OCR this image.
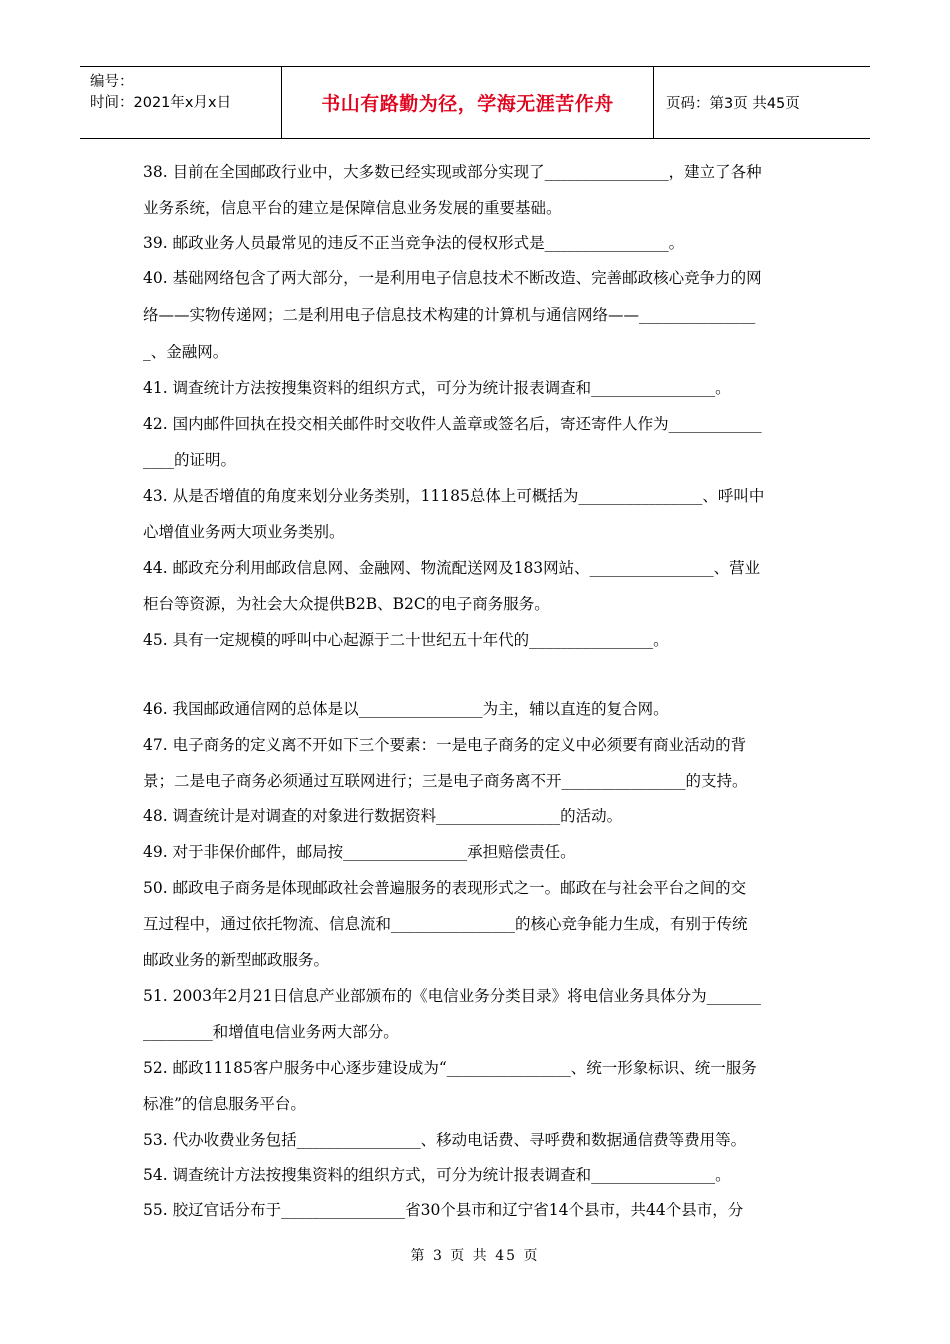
编号：
时间：2021年x月x日	书山有路勤为径，学海无涯苦作舟	页码：第3页 共45页
38. 目前在全国邮政行业中，大多数已经实现或部分实现了________________，建立了各种
业务系统，信息平台的建立是保障信息业务发展的重要基础。
39. 邮政业务人员最常见的违反不正当竞争法的侵权形式是________________。
40. 基础网络包含了两大部分，一是利用电子信息技术不断改造、完善邮政核心竞争力的网
络——实物传递网；二是利用电子信息技术构建的计算机与通信网络——_______________
_、金融网。
41. 调查统计方法按搜集资料的组织方式，可分为统计报表调查和________________。
42. 国内邮件回执在投交相关邮件时交收件人盖章或签名后，寄还寄件人作为____________
____的证明。
43. 从是否增值的角度来划分业务类别，11185总体上可概括为________________、呼叫中
心增值业务两大项业务类别。
44. 邮政充分利用邮政信息网、金融网、物流配送网及183网站、________________、营业
柜台等资源，为社会大众提供B2B、B2C的电子商务服务。
45. 具有一定规模的呼叫中心起源于二十世纪五十年代的________________。
46. 我国邮政通信网的总体是以________________为主，辅以直连的复合网。
47. 电子商务的定义离不开如下三个要素：一是电子商务的定义中必须要有商业活动的背
景；二是电子商务必须通过互联网进行；三是电子商务离不开________________的支持。
48. 调查统计是对调查的对象进行数据资料________________的活动。
49. 对于非保价邮件，邮局按________________承担赔偿责任。
50. 邮政电子商务是体现邮政社会普遍服务的表现形式之一。邮政在与社会平台之间的交
互过程中，通过依托物流、信息流和________________的核心竞争能力生成，有别于传统
邮政业务的新型邮政服务。
51. 2003年2月21日信息产业部颁布的《电信业务分类目录》将电信业务具体分为_______
_________和增值电信业务两大部分。
52. 邮政11185客户服务中心逐步建设成为“________________、统一形象标识、统一服务
标准”的信息服务平台。
53. 代办收费业务包括________________、移动电话费、寻呼费和数据通信费等费用等。
54. 调查统计方法按搜集资料的组织方式，可分为统计报表调查和________________。
55. 胶辽官话分布于________________省30个县市和辽宁省14个县市，共44个县市，分
第 3 页 共 45 页
